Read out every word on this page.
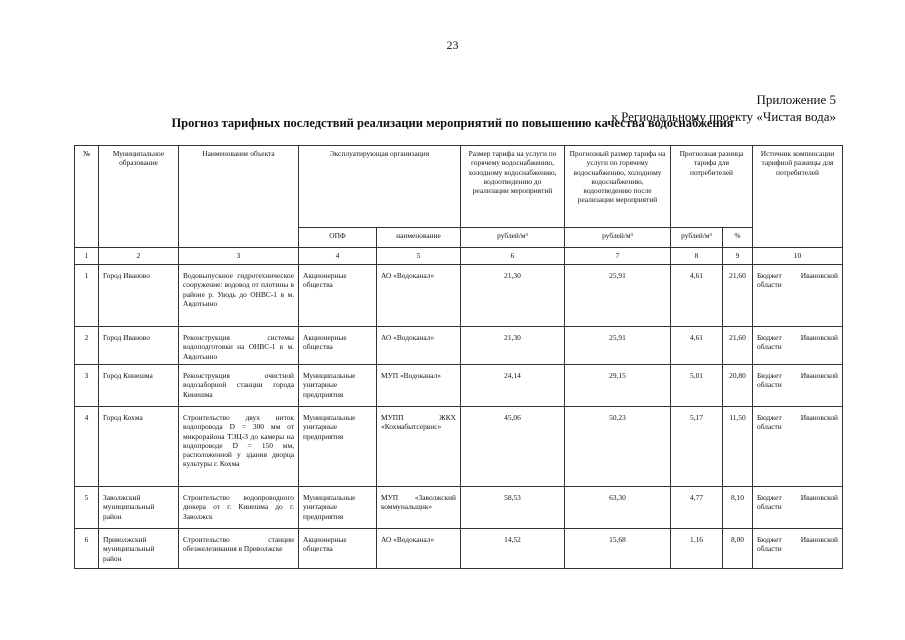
23
Приложение 5
к Региональному проекту «Чистая вода»
Прогноз тарифных последствий реализации мероприятий по повышению качества водоснабжения
№	Муниципальное образование	Наименование объекта	Эксплуатирующая организация		Размер тарифа на услуги по горячему водоснабжению, холодному водоснабжению, водоотведению до реализации мероприятий	Прогнозный размер тарифа на услуги по горячему водоснабжению, холодному водоснабжению, водоотведению после реализации мероприятий	Прогнозная разница тарифа для потребителей		Источник компенсации тарифной разницы для потребителей
			ОПФ	наименование	рублей/м³	рублей/м³	рублей/м³	%	
1	2	3	4	5	6	7	8	9	10
1	Город Иваново	Водовыпускное гидротехническое сооружение: водовод от плотины в районе р. Уводь до ОНВС-1 в м. Авдотьино	Акционерные общества	АО «Водоканал»	21,30	25,91	4,61	21,60	Бюджет Ивановской области
2	Город Иваново	Реконструкция системы водоподготовки на ОНВС-1 в м. Авдотьино	Акционерные общества	АО «Водоканал»	21,30	25,91	4,61	21,60	Бюджет Ивановской области
3	Город Кинешма	Реконструкция очистной водозаборной станции города Кинешма	Муниципальные унитарные предприятия	МУП «Водоканал»	24,14	29,15	5,01	20,80	Бюджет Ивановской области
4	Город Кохма	Строительство двух ниток водопровода D = 300 мм от микрорайона ТЭЦ-3 до камеры на водопроводе D = 150 мм, расположенной у здания дворца культуры г. Кохма	Муниципальные унитарные предприятия	МУПП ЖКХ «Кохмабытсервис»	45,06	50,23	5,17	11,50	Бюджет Ивановской области
5	Заволжский муниципальный район	Строительство водопроводного дюкера от г. Кинешма до г. Заволжск	Муниципальные унитарные предприятия	МУП «Заволжский коммунальщик»	58,53	63,30	4,77	8,10	Бюджет Ивановской области
6	Приволжский муниципальный район	Строительство станции обезжелезивания в Приволжске	Акционерные общества	АО «Водоканал»	14,52	15,68	1,16	8,00	Бюджет Ивановской области
